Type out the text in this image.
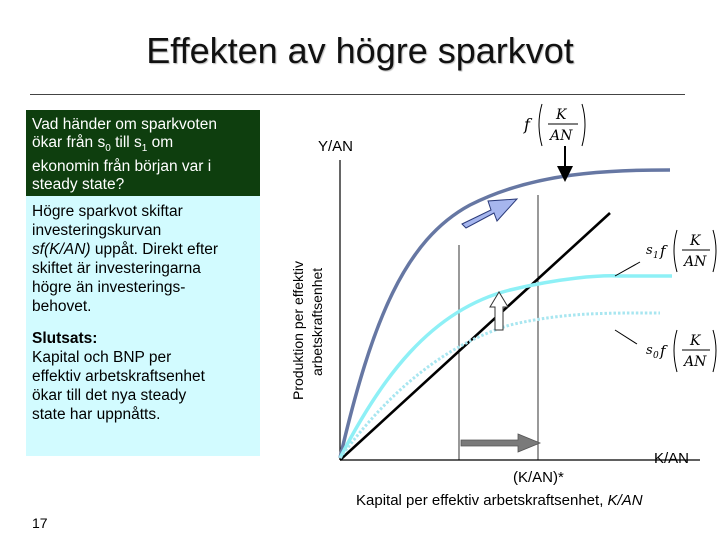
Effekten av högre sparkvot
Vad händer om sparkvoten
ökar från $s_0$ till $s_1$ om
ekonomin från början var i
steady state?

Högre sparkvot skiftar
investeringskurvan
sf(K/AN) uppåt. Direkt efter
skiftet är investeringarna
högre än investerings-
behovet.

Slutsats:
Kapital och BNP per
effektiv arbetskraftsenhet
ökar till det nya steady
state har uppnåtts.

17
f K
AN
s 1 f
K
AN
s 0 f
K
AN
Y/AN
Produktion per effektiv arbetskraftsenhet
K/AN
(K/AN)*
Kapital per effektiv arbetskraftsenhet, K/AN
